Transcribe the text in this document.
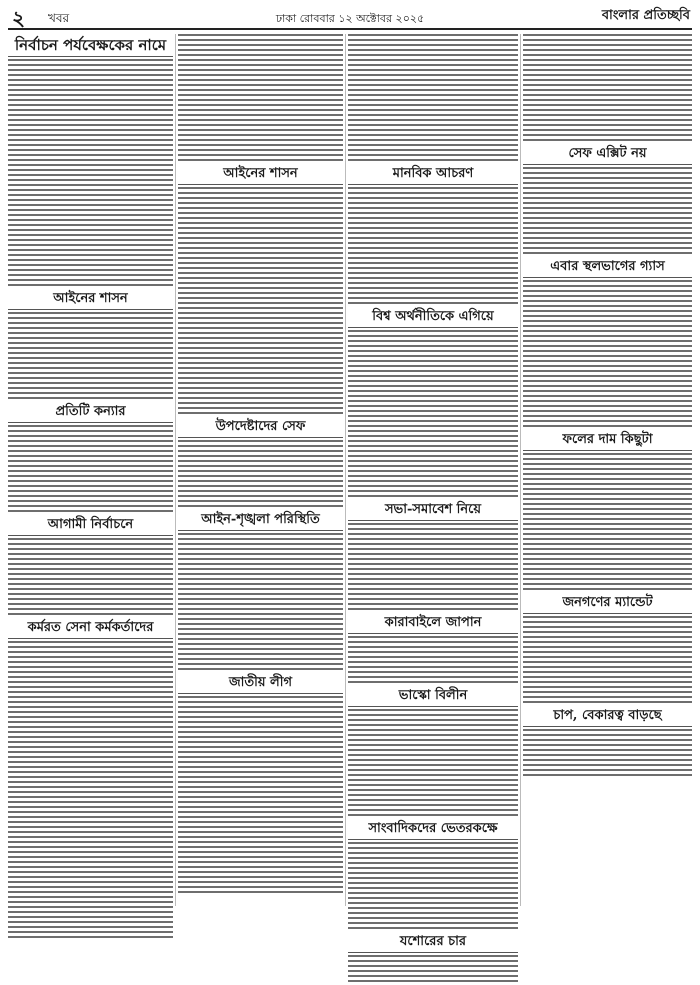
২ খবর	ঢাকা রোববার ১২ অক্টোবর ২০২৫	বাংলার প্রতিচ্ছবি
নির্বাচন পর্যবেক্ষকের নামে
আইনের শাসন
প্রতিটি কন্যার
আগামী নির্বাচনে
কর্মরত সেনা কর্মকর্তাদের
আইনের শাসন
উপদেষ্টাদের সেফ
আইন-শৃঙ্খলা পরিস্থিতি
জাতীয় লীগ
মানবিক আচরণ
বিশ্ব অর্থনীতিকে এগিয়ে
সভা-সমাবেশ নিয়ে
কারাবাইলে জাপান
ভাস্কো বিলীন
সাংবাদিকদের ভেতরকক্ষে
যশোরের চার
সেফ এক্সিট নয়
এবার স্থলভাগের গ্যাস
ফলের দাম কিছুটা
জনগণের ম্যান্ডেট
চাপ, বেকারত্ব বাড়ছে
